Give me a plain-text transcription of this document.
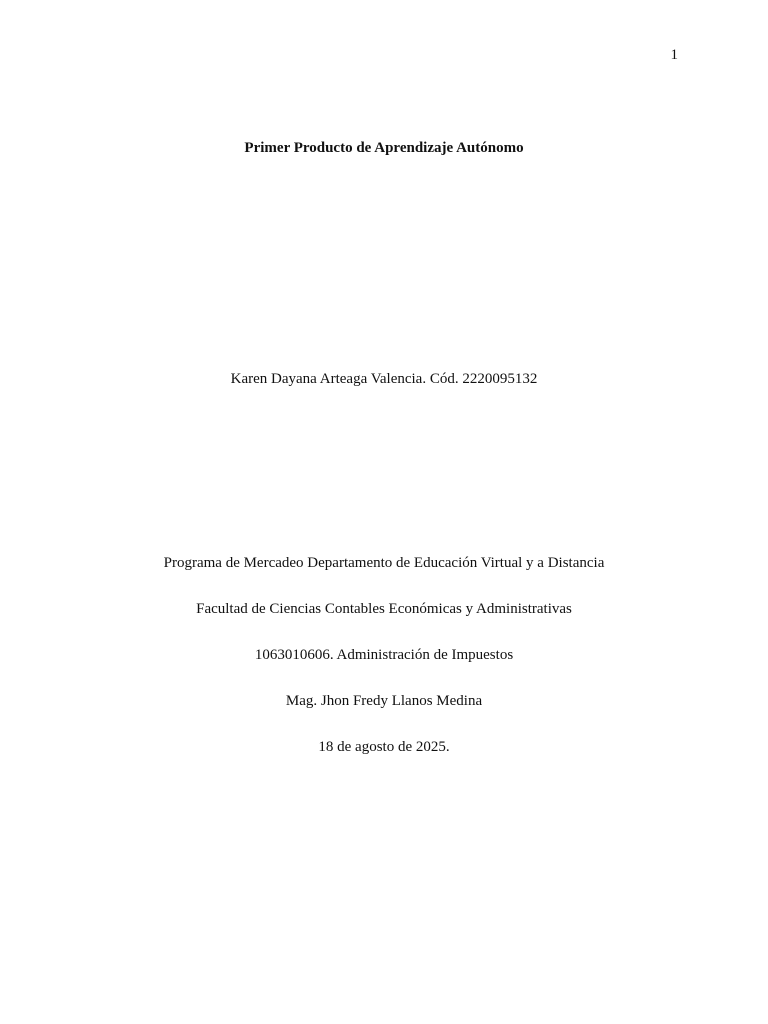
1
Primer Producto de Aprendizaje Autónomo
Karen Dayana Arteaga Valencia. Cód. 2220095132
Programa de Mercadeo Departamento de Educación Virtual y a Distancia
Facultad de Ciencias Contables Económicas y Administrativas
1063010606. Administración de Impuestos
Mag. Jhon Fredy Llanos Medina
18 de agosto de 2025.
